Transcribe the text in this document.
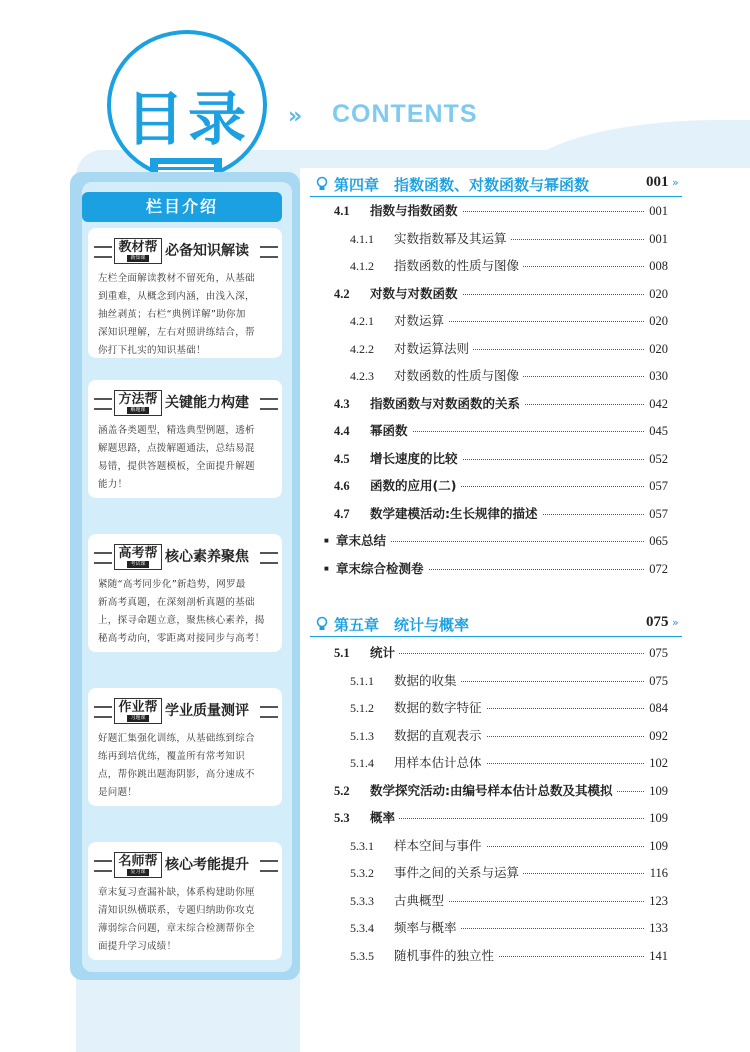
目录	» CONTENTS
栏目介绍
教材帮
新知课 必备知识解读
左栏全面解读教材不留死角，从基础
到重难，从概念到内涵，由浅入深，
抽丝剥茧；右栏“典例详解”助你加
深知识理解，左右对照讲练结合，帮
你打下扎实的知识基础！
方法帮
解题课 关键能力构建
涵盖各类题型，精选典型例题，透析
解题思路，点拨解题通法，总结易混
易错，提供答题模板，全面提升解题
能力！
高考帮
考试课 核心素养聚焦
紧随“高考同步化”新趋势，网罗最
新高考真题，在深刻剖析真题的基础
上，探寻命题立意，聚焦核心素养，揭
秘高考动向，零距离对接同步与高考！
作业帮
习题课 学业质量测评
好题汇集强化训练，从基础练到综合
练再到培优练，覆盖所有常考知识
点，帮你跳出题海阴影，高分速成不
是问题！
名师帮
复习课 核心考能提升
章末复习查漏补缺，体系构建助你厘
清知识纵横联系，专题归纳助你攻克
薄弱综合问题，章末综合检测帮你全
面提升学习成绩！
第四章　指数函数、对数函数与幂函数	001 »
4.1 指数与指数函数	001
4.1.1 实数指数幂及其运算	001
4.1.2 指数函数的性质与图像	008
4.2 对数与对数函数	020
4.2.1 对数运算	020
4.2.2 对数运算法则	020
4.2.3 对数函数的性质与图像	030
4.3 指数函数与对数函数的关系	042
4.4 幂函数	045
4.5 增长速度的比较	052
4.6 函数的应用(二)	057
4.7 数学建模活动:生长规律的描述	057
■ 章末总结	065
■ 章末综合检测卷	072
第五章　统计与概率	075 »
5.1 统计	075
5.1.1 数据的收集	075
5.1.2 数据的数字特征	084
5.1.3 数据的直观表示	092
5.1.4 用样本估计总体	102
5.2 数学探究活动:由编号样本估计总数及其模拟	109
5.3 概率	109
5.3.1 样本空间与事件	109
5.3.2 事件之间的关系与运算	116
5.3.3 古典概型	123
5.3.4 频率与概率	133
5.3.5 随机事件的独立性	141
